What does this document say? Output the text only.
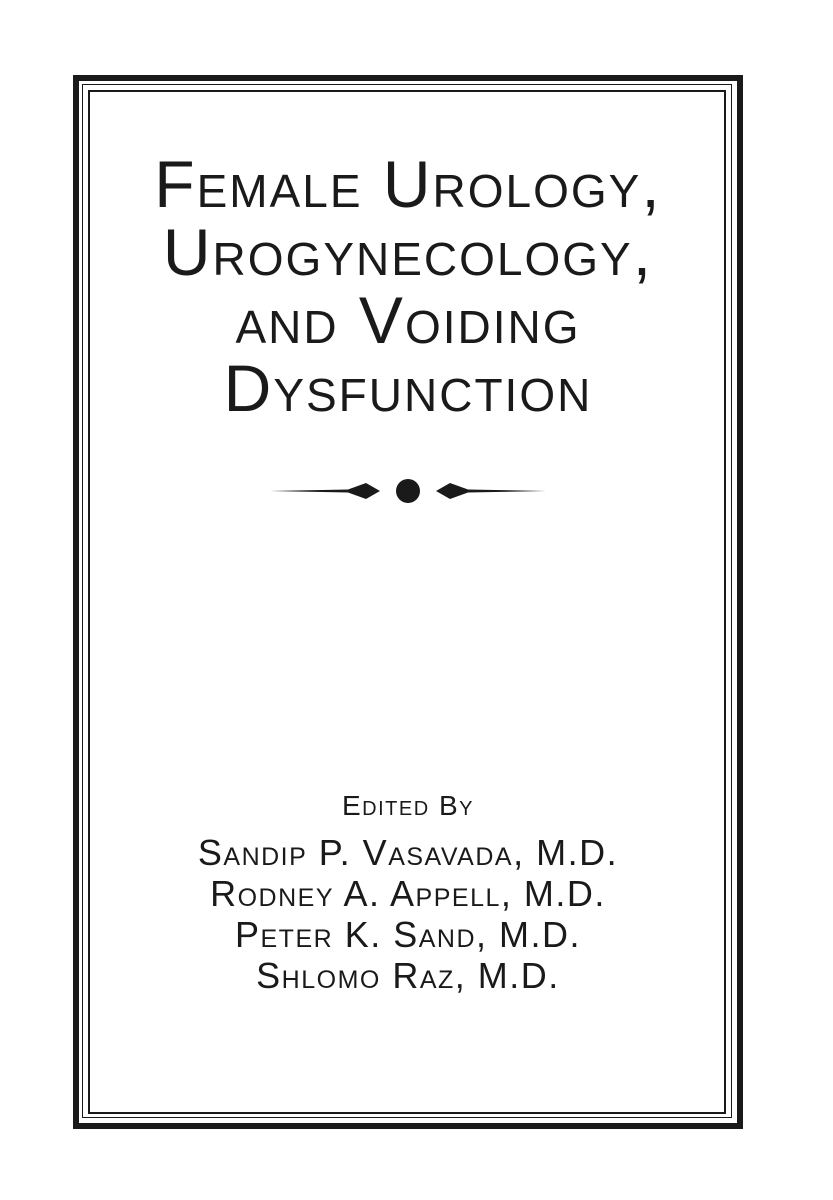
Female Urology,
Urogynecology,
and Voiding
Dysfunction
Edited By
Sandip P. Vasavada, M.D.
Rodney A. Appell, M.D.
Peter K. Sand, M.D.
Shlomo Raz, M.D.
